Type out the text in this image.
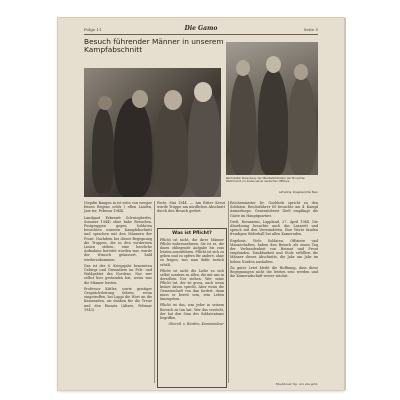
Folge 11	Die Gamo	Seite 5
Besuch führender Männer in unserem Kampfabschnitt
Reichsleiter Rosenberg, der Oberbefehlshaber der finnischen Wehrmacht, im Kreise seiner deutschen Offiziere
Aufnahme: Kriegsberichter Bean

(Sepdin Baugeu in ist seite von weeger feinen Begens ochfs ( eflen Lasden, Jam ter, Februar 1944).

Landgaut Erkenntt Schwiegberfrs. Sommer 1944) ohne habe Besuchen. Postgruppen gegen Soldaten besuchten unseren Kampfabschnitt und sprachen mit den Männern der Front. Nachdem bei dieser Begegnung die Truppen, die in den vordersten Linien stehen, eine herzliche Aufnahme bereitet worden war, wurde der Wunsch geäussert, bald wiederzukommen.

Das ist der 6. Kriegsjahr benennten Gebirgs und Grenadiere im Fels- und Waldgebiet des Nordens. Nur wer selbst hier gestanden hat, weiss was die Männer leisten.

Professor Kittler, sowie geistiger Gesprächsleitung fahren, weun eingetroffen, bei Lappi die Wort an die Kameraden, sie danken für die Treue und den Einsatz (Altsee, Februar 1943).

Forte, Mai 1944. — Am Ritter Kreut wurde Truppe am nördlichen Abschnitt durch den Besuch geehrt.

Was ist Pflicht?

Pflicht ist nicht, die ihrer Männer Pflicht wahrzunehmen. Sie ist es, die ihnen obliegende Aufgabe bis zum letzten auszuführen. Pflicht ist sich zu geben und zu opfern für andere, ohne zu fragen, was man dafür zurück erhält.

Pflicht ist nicht die Liebe zu sich selbst sondern zu allen, die mit uns in derselben Not stehen. Wer seine Pflicht tut, der ist gross, auch wenn keiner davon spricht. Aber wenn die Gemeinschaft von ihm fordert, dann muss er bereit sein, sein Leben hinzugeben.

Pflicht ist das, was jeder in seinem Bereich zu tun hat. Wer das versteht, der hat den Sinn des Soldatentums begriffen.

Oberstl. v. Werden, Kommandeur

Reichsminister Dr. Goebbels spricht zu den Soldaten. Reichsführer SS besuchte am 4. Kampf Armeekorps. Generaloberst Dietl empfängt die Gäste im Hauptquartier.

Dietl, Rovaniemi, Lappland, 27. April 1944. Die Abordnung besuchte auch das Lazarett und sprach mit den Verwundeten. Ihre Worte fanden freudigen Widerhall bei allen Kameraden.

Ergebnis: Viele Soldaten, Offiziere und Mannschaften, haben den Besuch als einen Tag der Verbundenheit von Heimat und Front empfunden. Dankbarkeit und Stolz erfüllten die Männer dieses Abschnitts, die Jahr um Jahr im hohen Norden aushalten.

Zu guter Letzt bleibt die Hoffnung, dass diese Begegnungen nicht die letzten sein werden und die Kameradschaft weiter wächst.

Eisenhauer, Kp. von uns geht.
